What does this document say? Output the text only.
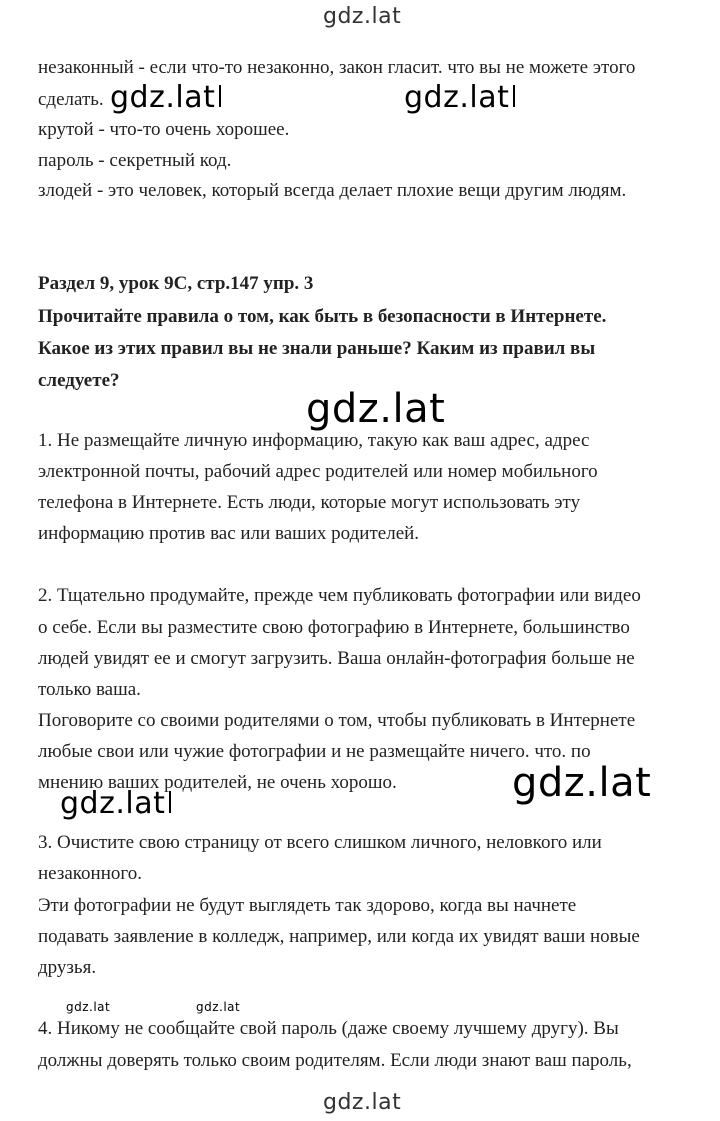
gdz.lat

незаконный - если что-то незаконно, закон гласит. что вы не можете этого

сделать. gdz.lat	gdz.lat

крутой - что-то очень хорошее.

пароль - секретный код.

злодей - это человек, который всегда делает плохие вещи другим людям.

Раздел 9, урок 9C, стр.147 упр. 3

Прочитайте правила о том, как быть в безопасности в Интернете.

Какое из этих правил вы не знали раньше? Каким из правил вы

следуете?

gdz.lat

1. Не размещайте личную информацию, такую как ваш адрес, адрес

электронной почты, рабочий адрес родителей или номер мобильного

телефона в Интернете. Есть люди, которые могут использовать эту

информацию против вас или ваших родителей.

2. Тщательно продумайте, прежде чем публиковать фотографии или видео

о себе. Если вы разместите свою фотографию в Интернете, большинство

людей увидят ее и смогут загрузить. Ваша онлайн-фотография больше не

только ваша.

Поговорите со своими родителями о том, чтобы публиковать в Интернете

любые свои или чужие фотографии и не размещайте ничего. что. по

мнению ваших родителей, не очень хорошо.	gdz.lat
gdz.lat

3. Очистите свою страницу от всего слишком личного, неловкого или

незаконного.

Эти фотографии не будут выглядеть так здорово, когда вы начнете

подавать заявление в колледж, например, или когда их увидят ваши новые

друзья.

gdz.lat	gdz.lat

4. Никому не сообщайте свой пароль (даже своему лучшему другу). Вы

должны доверять только своим родителям. Если люди знают ваш пароль,

gdz.lat
